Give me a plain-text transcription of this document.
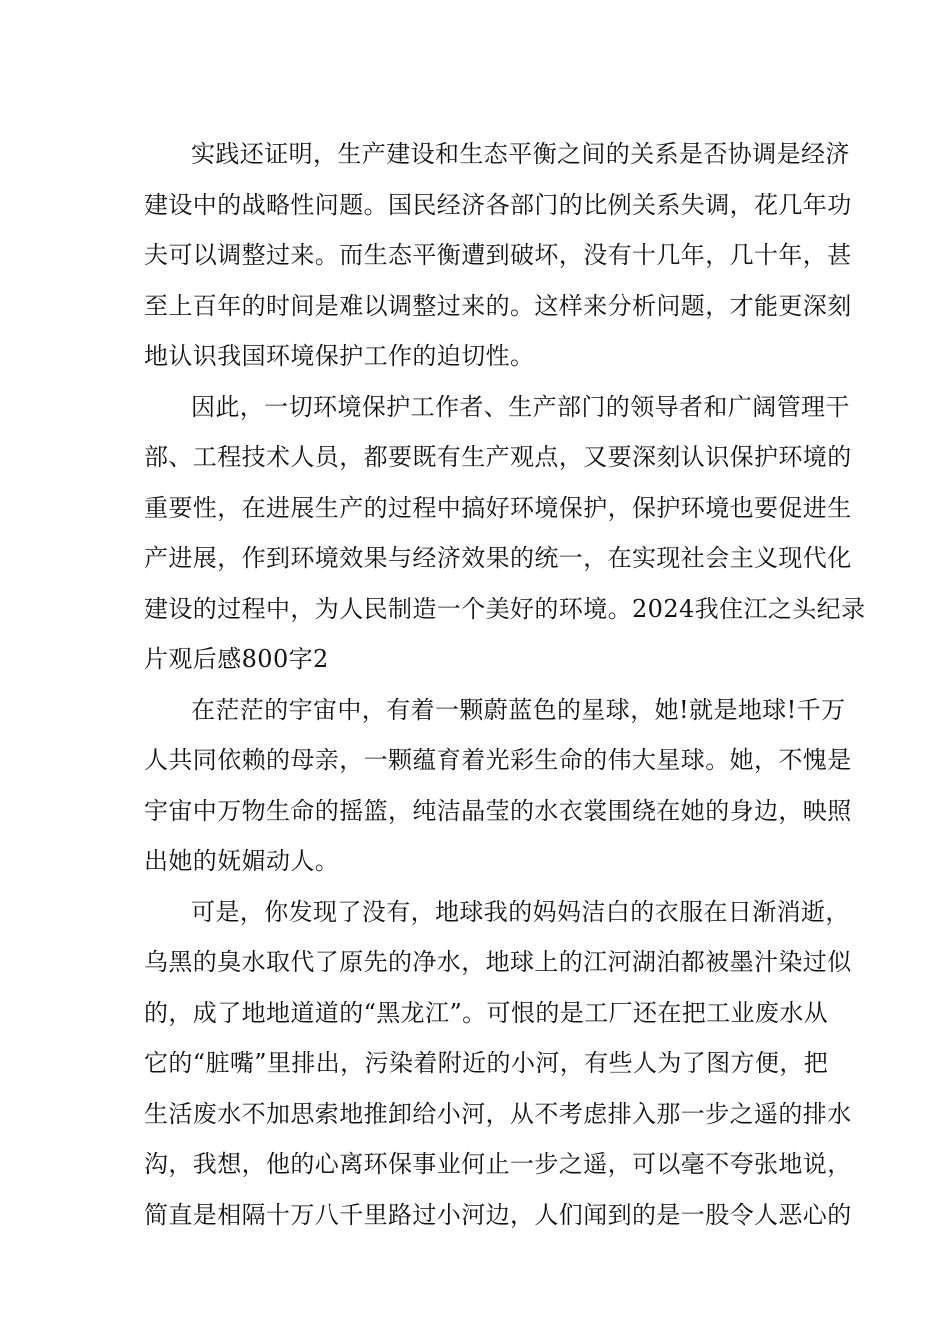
实践还证明，生产建设和生态平衡之间的关系是否协调是经济
建设中的战略性问题。国民经济各部门的比例关系失调，花几年功
夫可以调整过来。而生态平衡遭到破坏，没有十几年，几十年，甚
至上百年的时间是难以调整过来的。这样来分析问题，才能更深刻
地认识我国环境保护工作的迫切性。
因此，一切环境保护工作者、生产部门的领导者和广阔管理干
部、工程技术人员，都要既有生产观点，又要深刻认识保护环境的
重要性，在进展生产的过程中搞好环境保护，保护环境也要促进生
产进展，作到环境效果与经济效果的统一，在实现社会主义现代化
建设的过程中，为人民制造一个美好的环境。2024我住江之头纪录
片观后感800字2
在茫茫的宇宙中，有着一颗蔚蓝色的星球，她!就是地球!千万
人共同依赖的母亲，一颗蕴育着光彩生命的伟大星球。她，不愧是
宇宙中万物生命的摇篮，纯洁晶莹的水衣裳围绕在她的身边，映照
出她的妩媚动人。
可是，你发现了没有，地球我的妈妈洁白的衣服在日渐消逝，
乌黑的臭水取代了原先的净水，地球上的江河湖泊都被墨汁染过似
的，成了地地道道的“黑龙江”。可恨的是工厂还在把工业废水从
它的“脏嘴”里排出，污染着附近的小河，有些人为了图方便，把
生活废水不加思索地推卸给小河，从不考虑排入那一步之遥的排水
沟，我想，他的心离环保事业何止一步之遥，可以毫不夸张地说，
简直是相隔十万八千里路过小河边，人们闻到的是一股令人恶心的
